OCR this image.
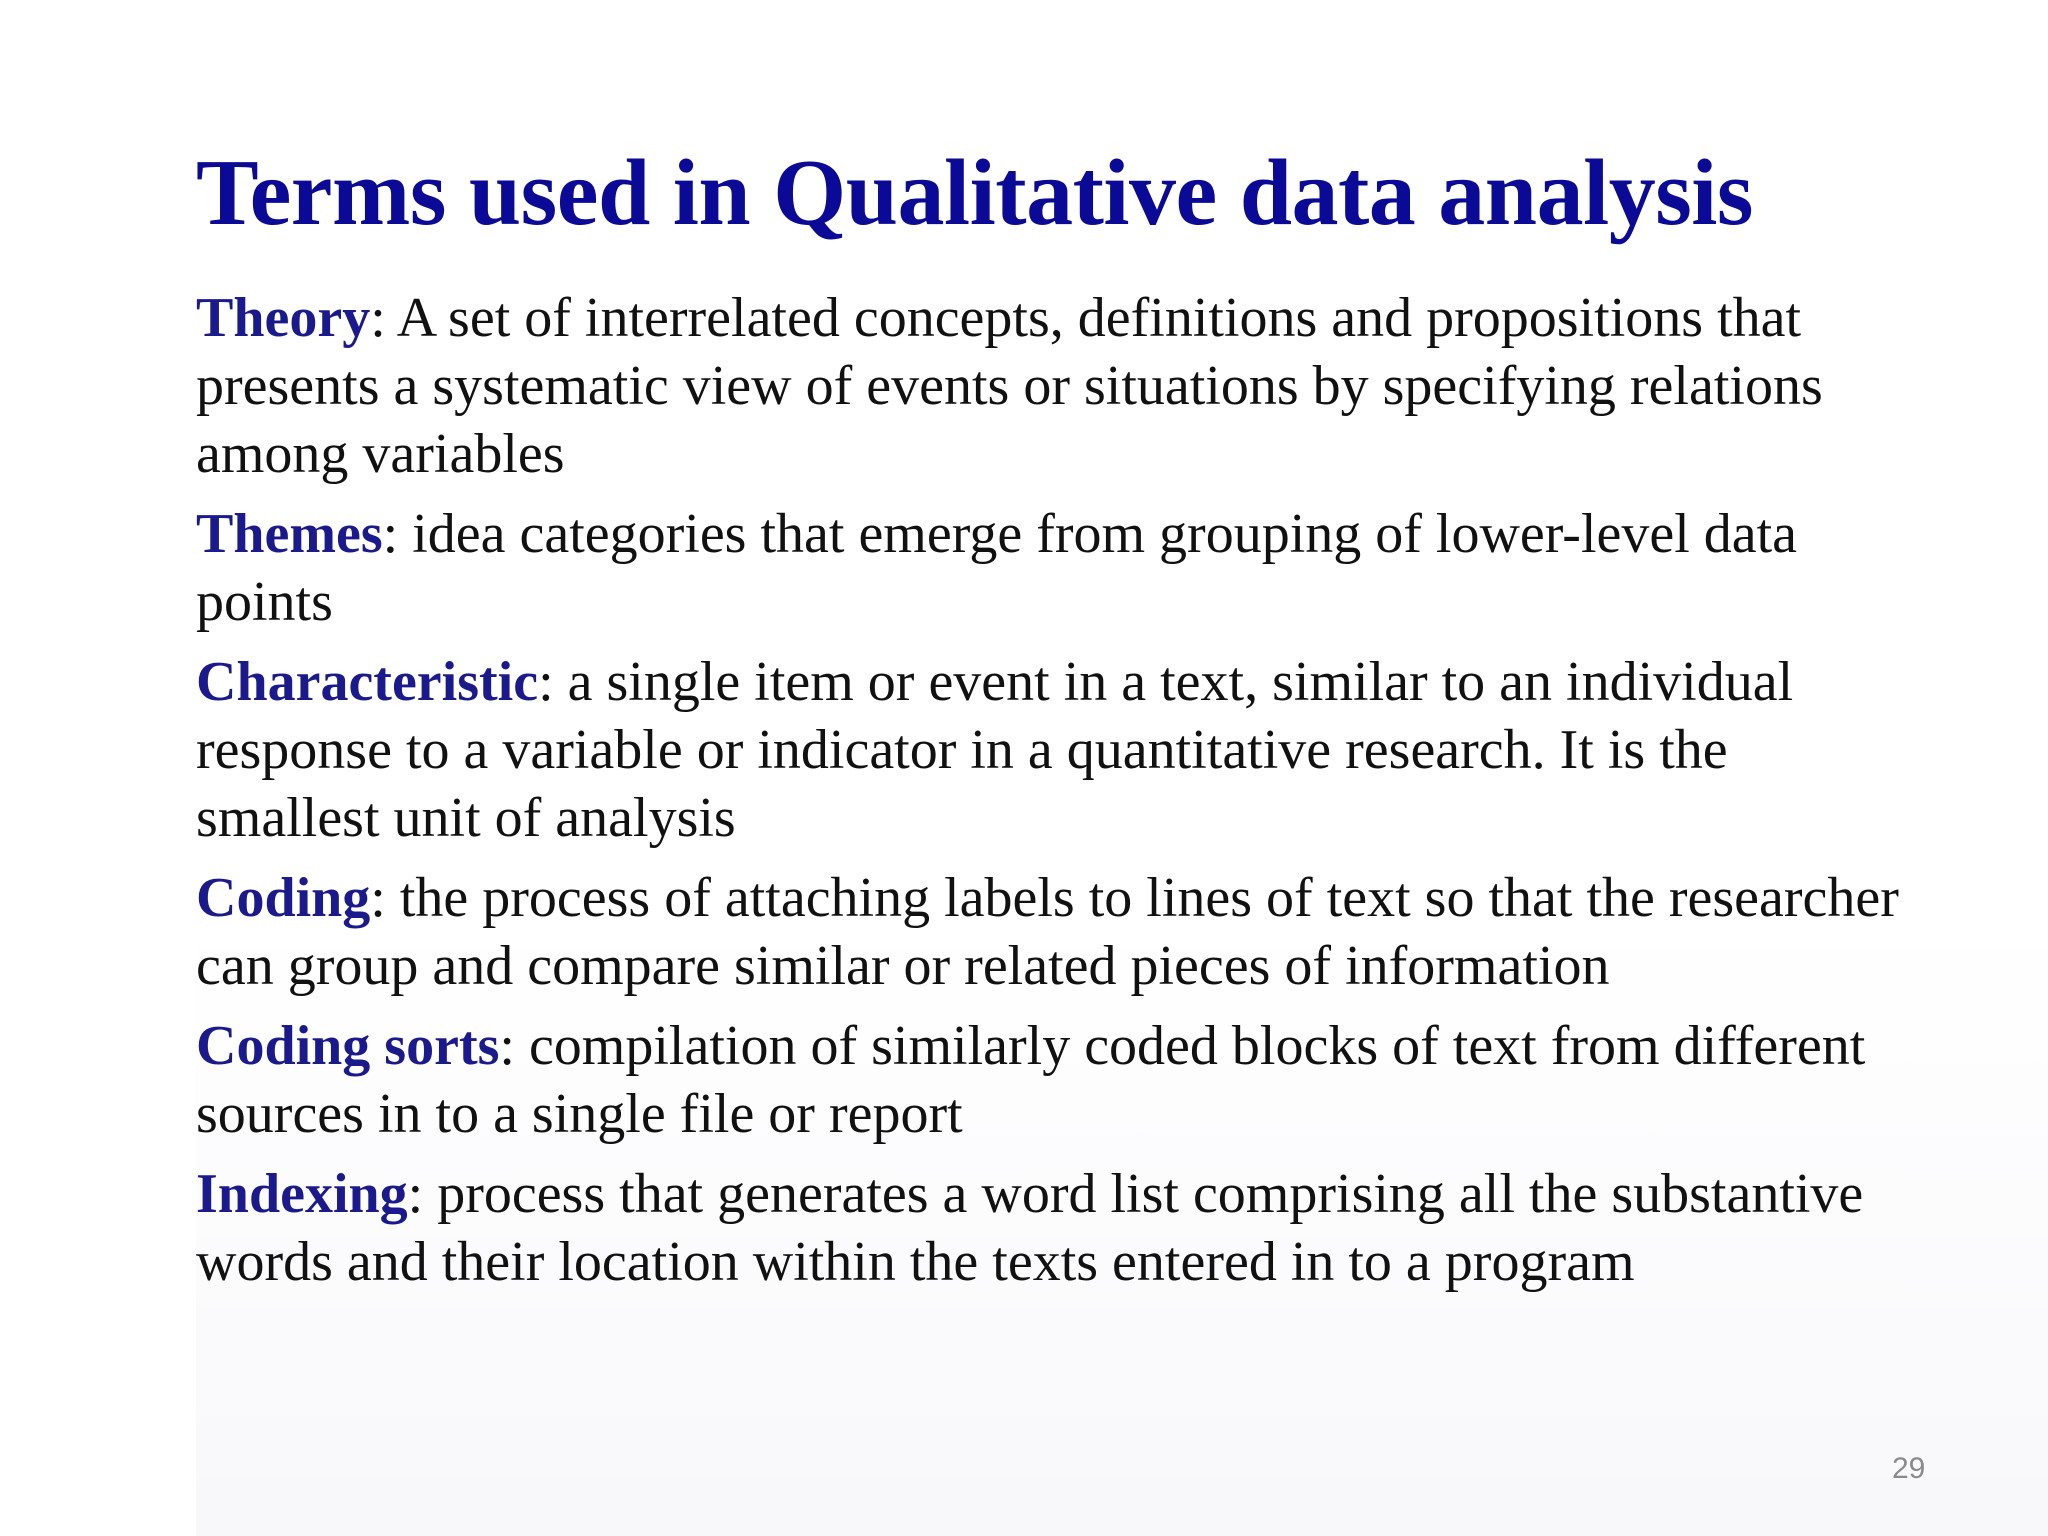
Terms used in Qualitative data analysis
Theory: A set of interrelated concepts, definitions and propositions that presents a systematic view of events or situations by specifying relations among variables
Themes: idea categories that emerge from grouping of lower-level data points
Characteristic: a single item or event in a text, similar to an individual response to a variable or indicator in a quantitative research. It is the smallest unit of analysis
Coding: the process of attaching labels to lines of text so that the researcher can group and compare similar or related pieces of information
Coding sorts: compilation of similarly coded blocks of text from different sources in to a single file or report
Indexing: process that generates a word list comprising all the substantive words and their location within the texts entered in to a program
29
